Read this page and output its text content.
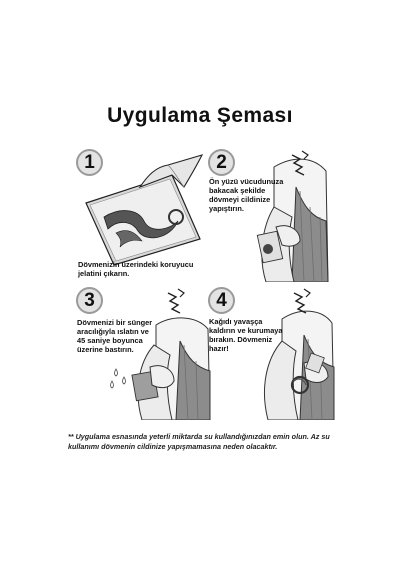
Uygulama Şeması
1
Dövmenizin üzerindeki koruyucu jelatini çıkarın.
2
Ön yüzü vücudunuza bakacak şekilde dövmeyi cildinize yapıştırın.
3
Dövmenizi bir sünger aracılığıyla ıslatın ve 45 saniye boyunca üzerine bastırın.
4
Kağıdı yavaşça kaldırın ve kurumaya bırakın. Dövmeniz hazır!
** Uygulama esnasında yeterli miktarda su kullandığınızdan emin olun. Az su kullanımı dövmenin cildinize yapışmamasına neden olacaktır.
